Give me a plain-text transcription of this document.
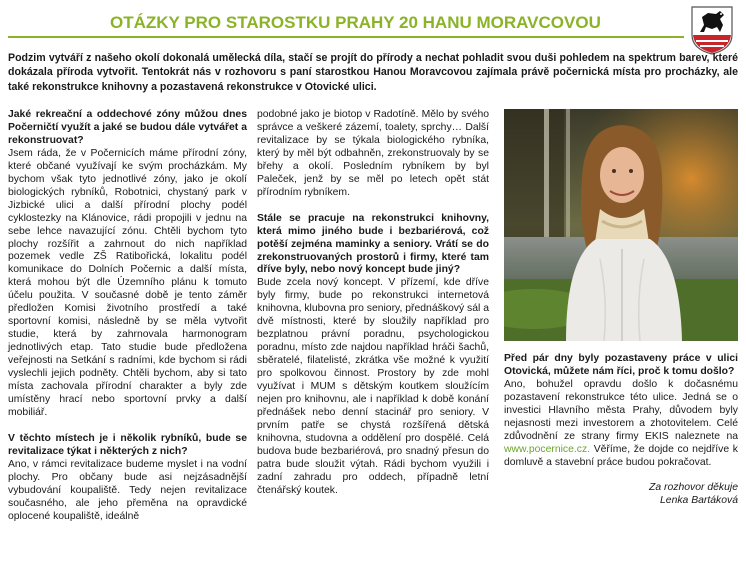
OTÁZKY PRO STAROSTKU PRAHY 20 HANU MORAVCOVOU
Podzim vytváří z našeho okolí dokonalá umělecká díla, stačí se projít do přírody a nechat pohladit svou duši pohledem na spektrum barev, které dokázala příroda vytvořit. Tentokrát nás v rozhovoru s paní starostkou Hanou Moravcovou zajímala právě počernická místa pro procházky, ale také rekonstrukce knihovny a pozastavená rekonstrukce v Otovické ulici.

Jaké rekreační a oddechové zóny můžou dnes Počerničtí využít a jaké se budou dále vytvářet a rekonstruovat?

Jsem ráda, že v Počernicích máme přírodní zóny, které občané využívají ke svým procházkám. My bychom však tyto jednotlivé zóny, jako je okolí biologických rybníků, Robotnici, chystaný park v Jizbické ulici a další přírodní plochy podél cyklostezky na Klánovice, rádi propojili v jednu na sebe lehce navazující zónu. Chtěli bychom tyto plochy rozšířit a zahrnout do nich například pozemek vedle ZŠ Ratibořická, lokalitu podél komunikace do Dolních Počernic a další místa, která mohou být dle Územního plánu k tomuto účelu použita. V současné době je tento záměr předložen Komisi životního prostředí a také sportovní komisi, následně by se měla vytvořit studie, která by zahrnovala harmonogram jednotlivých etap. Tato studie bude předložena veřejnosti na Setkání s radními, kde bychom si rádi vyslechli jejich podněty. Chtěli bychom, aby si tato místa zachovala přírodní charakter a byly zde umístěny hrací nebo sportovní prvky a další mobiliář.

V těchto místech je i několik rybníků, bude se revitalizace týkat i některých z nich?

Ano, v rámci revitalizace budeme myslet i na vodní plochy. Pro občany bude asi nejzásadnější vybudování koupaliště. Tedy nejen revitalizace současného, ale jeho přeměna na opravdické oplocené koupaliště, ideálně

podobné jako je biotop v Radotíně. Mělo by svého správce a veškeré zázemí, toalety, sprchy… Další revitalizace by se týkala biologického rybníka, který by měl být odbahněn, zrekonstruovaly by se břehy a okolí. Posledním rybníkem by byl Paleček, jenž by se měl po letech opět stát přírodním rybníkem.

Stále se pracuje na rekonstrukci knihovny, která mimo jiného bude i bezbariérová, což potěší zejména maminky a seniory. Vrátí se do zrekonstruovaných prostorů i firmy, které tam dříve byly, nebo nový koncept bude jiný?

Bude zcela nový koncept. V přízemí, kde dříve byly firmy, bude po rekonstrukci internetová knihovna, klubovna pro seniory, přednáškový sál a dvě místnosti, které by sloužily například pro bezplatnou právní poradnu, psychologickou poradnu, místo zde najdou například hráči šachů, sběratelé, filatelisté, zkrátka vše možné k využití pro spolkovou činnost. Prostory by zde mohl využívat i MUM s dětským koutkem sloužícím nejen pro knihovnu, ale i například k době konání přednášek nebo denní stacinář pro seniory. V prvním patře se chystá rozšířená dětská knihovna, studovna a oddělení pro dospělé. Celá budova bude bezbariérová, pro snadný přesun do patra bude sloužit výtah. Rádi bychom využili i zadní zahradu pro oddech, případně letní čtenářský koutek.

Před pár dny byly pozastaveny práce v ulici Otovická, můžete nám říci, proč k tomu došlo?

Ano, bohužel opravdu došlo k dočasnému pozastavení rekonstrukce této ulice. Jedná se o investici Hlavního města Prahy, důvodem byly nejasnosti mezi investorem a zhotovitelem. Celé zdůvodnění ze strany firmy EKIS naleznete na www.pocernice.cz. Věříme, že dojde co nejdříve k domluvě a stavební práce budou pokračovat.

Za rozhovor děkuje
Lenka Bartáková
